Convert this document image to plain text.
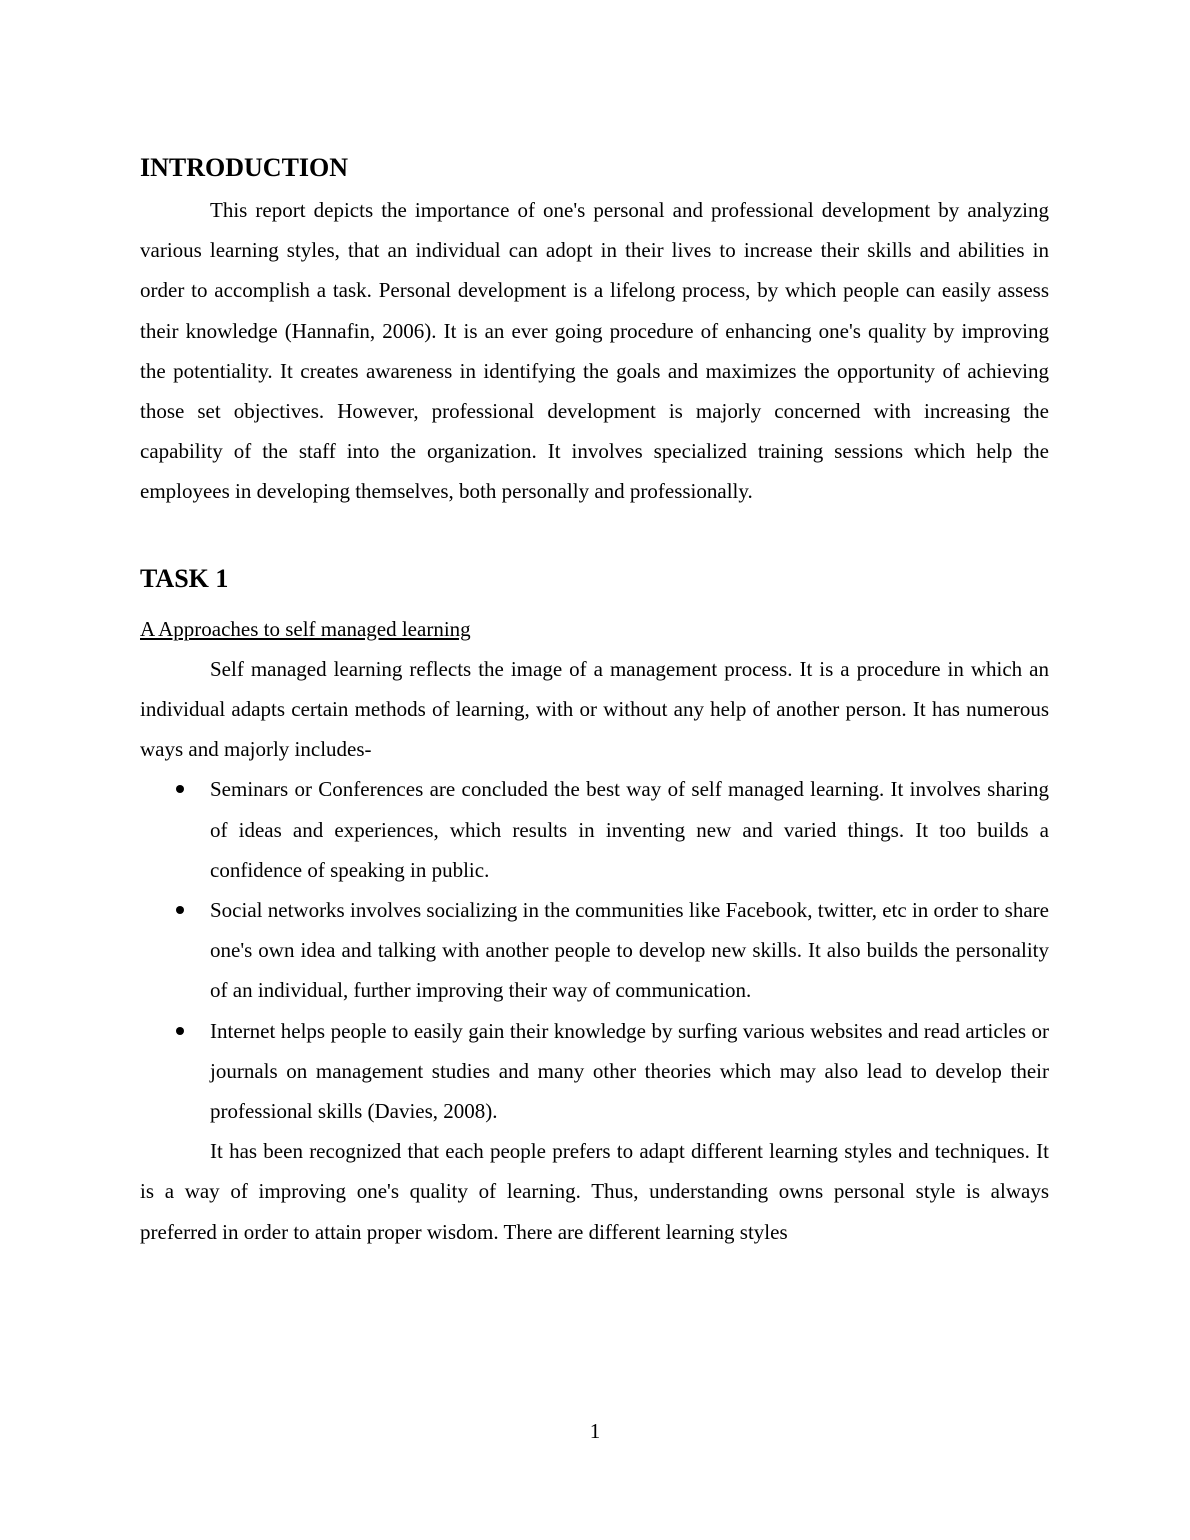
INTRODUCTION

This report depicts the importance of one's personal and professional development by analyzing various learning styles, that an individual can adopt in their lives to increase their skills and abilities in order to accomplish a task. Personal development is a lifelong process, by which people can easily assess their knowledge (Hannafin, 2006). It is an ever going procedure of enhancing one's quality by improving the potentiality. It creates awareness in identifying the goals and maximizes the opportunity of achieving those set objectives. However, professional development is majorly concerned with increasing the capability of the staff into the organization. It involves specialized training sessions which help the employees in developing themselves, both personally and professionally.

TASK 1

A Approaches to self managed learning

Self managed learning reflects the image of a management process. It is a procedure in which an individual adapts certain methods of learning, with or without any help of another person. It has numerous ways and majorly includes-

Seminars or Conferences are concluded the best way of self managed learning. It involves sharing of ideas and experiences, which results in inventing new and varied things. It too builds a confidence of speaking in public.
Social networks involves socializing in the communities like Facebook, twitter, etc in order to share one's own idea and talking with another people to develop new skills. It also builds the personality of an individual, further improving their way of communication.
Internet helps people to easily gain their knowledge by surfing various websites and read articles or journals on management studies and many other theories which may also lead to develop their professional skills (Davies, 2008).

It has been recognized that each people prefers to adapt different learning styles and techniques. It is a way of improving one's quality of learning. Thus, understanding owns personal style is always preferred in order to attain proper wisdom. There are different learning styles

1
